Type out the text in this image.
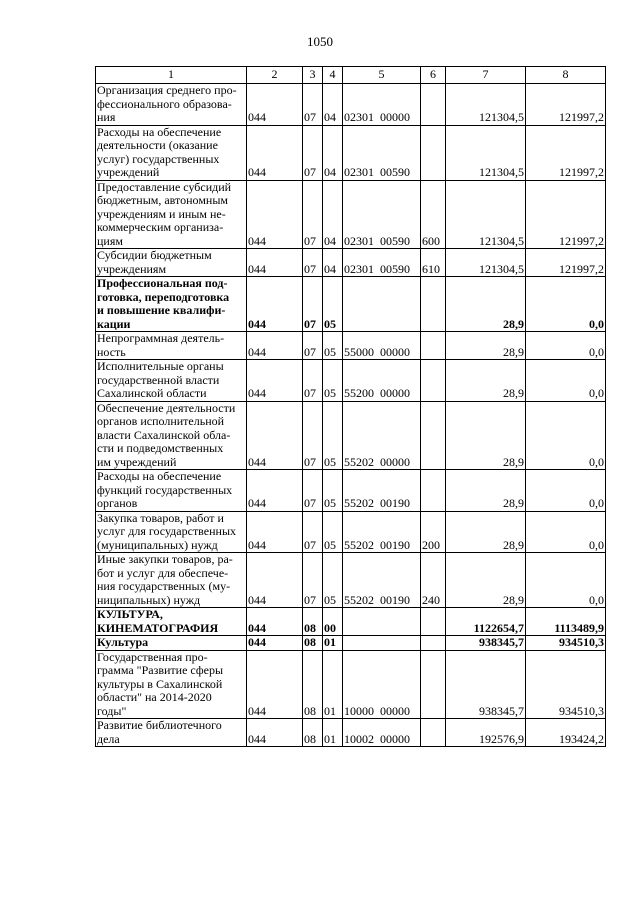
1050
1	2	3	4	5	6	7	8

Организация среднего про-
фессионального образова-
ния	044	07	04	02301  00000		121304,5	121997,2

Расходы на обеспечение
деятельности (оказание
услуг) государственных
учреждений	044	07	04	02301  00590		121304,5	121997,2

Предоставление субсидий
бюджетным, автономным
учреждениям и иным не-
коммерческим организа-
циям	044	07	04	02301  00590	600	121304,5	121997,2

Субсидии бюджетным
учреждениям	044	07	04	02301  00590	610	121304,5	121997,2

Профессиональная под-
готовка, переподготовка
и повышение квалифи-
кации	044	07	05			28,9	0,0

Непрограммная деятель-
ность	044	07	05	55000  00000		28,9	0,0

Исполнительные органы
государственной власти
Сахалинской области	044	07	05	55200  00000		28,9	0,0

Обеспечение деятельности
органов исполнительной
власти Сахалинской обла-
сти и подведомственных
им учреждений	044	07	05	55202  00000		28,9	0,0

Расходы на обеспечение
функций государственных
органов	044	07	05	55202  00190		28,9	0,0

Закупка товаров, работ и
услуг для государственных
(муниципальных) нужд	044	07	05	55202  00190	200	28,9	0,0

Иные закупки товаров, ра-
бот и услуг для обеспече-
ния государственных (му-
ниципальных) нужд	044	07	05	55202  00190	240	28,9	0,0

КУЛЬТУРА,
КИНЕМАТОГРАФИЯ	044	08	00			1122654,7	1113489,9

Культура	044	08	01			938345,7	934510,3

Государственная про-
грамма "Развитие сферы
культуры в Сахалинской
области" на 2014-2020
годы"	044	08	01	10000  00000		938345,7	934510,3

Развитие библиотечного
дела	044	08	01	10002  00000		192576,9	193424,2
